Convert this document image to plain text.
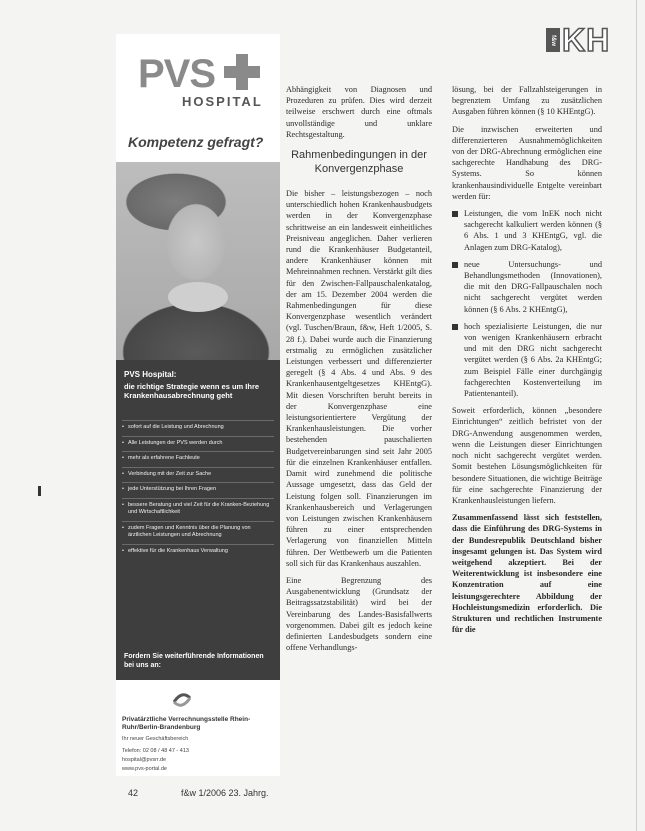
PVS
HOSPITAL
Kompetenz gefragt?
PVS Hospital:
die richtige Strategie wenn es um Ihre Krankenhausabrechnung geht
• sofort auf die Leistung und Abrechnung
• Alle Leistungen der PVS werden durch
• mehr als erfahrene Fachleute
• Verbindung mit der Zeit zur Sache
• jede Unterstützung bei Ihren Fragen
• bessere Beratung und viel Zeit für die Kranken-Beziehung und Wirtschaftlichkeit
• zudem Fragen und Kenntnis über die Planung von ärztlichen Leistungen und Abrechnung
• effektive für die Krankenhaus Verwaltung
Fordern Sie weiterführende Informationen bei uns an:
Privatärztliche Verrechnungsstelle Rhein-Ruhr/Berlin-Brandenburg
Ihr neuer Geschäftsbereich
Telefon: 02 08 / 48 47 - 413
hospital@pvsrr.de
www.pvs-portal.de
f&w KH

Abhängigkeit von Diagnosen und Prozeduren zu prüfen. Dies wird derzeit teilweise erschwert durch eine oftmals unvollständige und unklare Rechtsgestaltung.

Rahmenbedingungen in der Konvergenzphase

Die bisher – leistungsbezogen – noch unterschiedlich hohen Krankenhausbudgets werden in der Konvergenzphase schrittweise an ein landesweit einheitliches Preisniveau angeglichen. Daher verlieren rund die Krankenhäuser Budgetanteil, andere Krankenhäuser können mit Mehreinnahmen rechnen. Verstärkt gilt dies für den Zwischen-Fallpauschalenkatalog, der am 15. Dezember 2004 werden die Rahmenbedingungen für diese Konvergenzphase wesentlich verändert (vgl. Tuschen/Braun, f&w, Heft 1/2005, S. 28 f.). Dabei wurde auch die Finanzierung erstmalig zu ermöglichen zusätzlicher Leistungen verbessert und differenzierter geregelt (§ 4 Abs. 4 und Abs. 9 des Krankenhausentgeltgesetzes KHEntgG). Mit diesen Vorschriften beruht bereits in der Konvergenzphase eine leistungsorientiertere Vergütung der Krankenhausleistungen. Die vorher bestehenden pauschalierten Budgetvereinbarungen sind seit Jahr 2005 für die einzelnen Krankenhäuser entfallen. Damit wird zunehmend die politische Aussage umgesetzt, dass das Geld der Leistung folgen soll. Finanzierungen im Krankenhausbereich und Verlagerungen von Leistungen zwischen Krankenhäusern führen zu einer entsprechenden Verlagerung von finanziellen Mitteln führen. Der Wettbewerb um die Patienten soll sich für das Krankenhaus auszahlen.

Eine Begrenzung des Ausgabenentwicklung (Grundsatz der Beitragssatzstabilität) wird bei der Vereinbarung des Landes-Basisfallwerts vorgenommen. Dabei gilt es jedoch keine definierten Landesbudgets sondern eine offene Verhandlungs-

lösung, bei der Fallzahlsteigerungen in begrenztem Umfang zu zusätzlichen Ausgaben führen können (§ 10 KHEntgG).

Die inzwischen erweiterten und differenzierteren Ausnahmemöglichkeiten von der DRG-Abrechnung ermöglichen eine sachgerechte Handhabung des DRG-Systems. So können krankenhausindividuelle Entgelte vereinbart werden für:

Leistungen, die vom InEK noch nicht sachgerecht kalkuliert werden können (§ 6 Abs. 1 und 3 KHEntgG, vgl. die Anlagen zum DRG-Katalog),

neue Untersuchungs- und Behandlungsmethoden (Innovationen), die mit den DRG-Fallpauschalen noch nicht sachgerecht vergütet werden können (§ 6 Abs. 2 KHEntgG),

hoch spezialisierte Leistungen, die nur von wenigen Krankenhäusern erbracht und mit den DRG nicht sachgerecht vergütet werden (§ 6 Abs. 2a KHEntgG; zum Beispiel Fälle einer durchgängig fachgerechten Kostenverteilung im Patientenanteil).

Soweit erforderlich, können „besondere Einrichtungen“ zeitlich befristet von der DRG-Anwendung ausgenommen werden, wenn die Leistungen dieser Einrichtungen noch nicht sachgerecht vergütet werden. Somit bestehen Lösungsmöglichkeiten für besondere Situationen, die wichtige Beiträge für eine sachgerechte Finanzierung der Krankenhausleistungen liefern.

Zusammenfassend lässt sich feststellen, dass die Einführung des DRG-Systems in der Bundesrepublik Deutschland bisher insgesamt gelungen ist. Das System wird weitgehend akzeptiert. Bei der Weiterentwicklung ist insbesondere eine Konzentration auf eine leistungsgerechtere Abbildung der Hochleistungsmedizin erforderlich. Die Strukturen und rechtlichen Instrumente für die

42	f&w 1/2006 23. Jahrg.
